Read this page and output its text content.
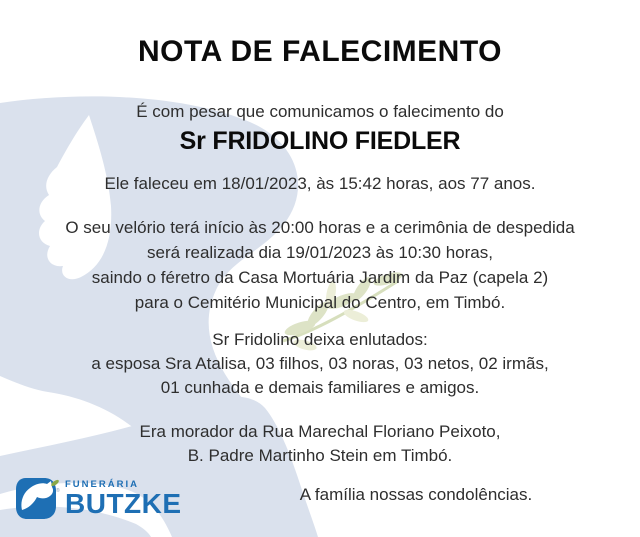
NOTA DE FALECIMENTO

É com pesar que comunicamos o falecimento do

Sr FRIDOLINO FIEDLER

Ele faleceu em 18/01/2023, às 15:42 horas, aos 77 anos.

O seu velório terá início às 20:00 horas e a cerimônia de despedida
será realizada dia 19/01/2023 às 10:30 horas,
saindo o féretro da Casa Mortuária Jardim da Paz (capela 2)
para o Cemitério Municipal do Centro, em Timbó.
Sr Fridolino deixa enlutados:
a esposa Sra Atalisa, 03 filhos, 03 noras, 03 netos, 02 irmãs,
01 cunhada e demais familiares e amigos.
Era morador da Rua Marechal Floriano Peixoto,
B. Padre Martinho Stein em Timbó.

A família nossas condolências.

®
FUNERÁRIA
BUTZKE
